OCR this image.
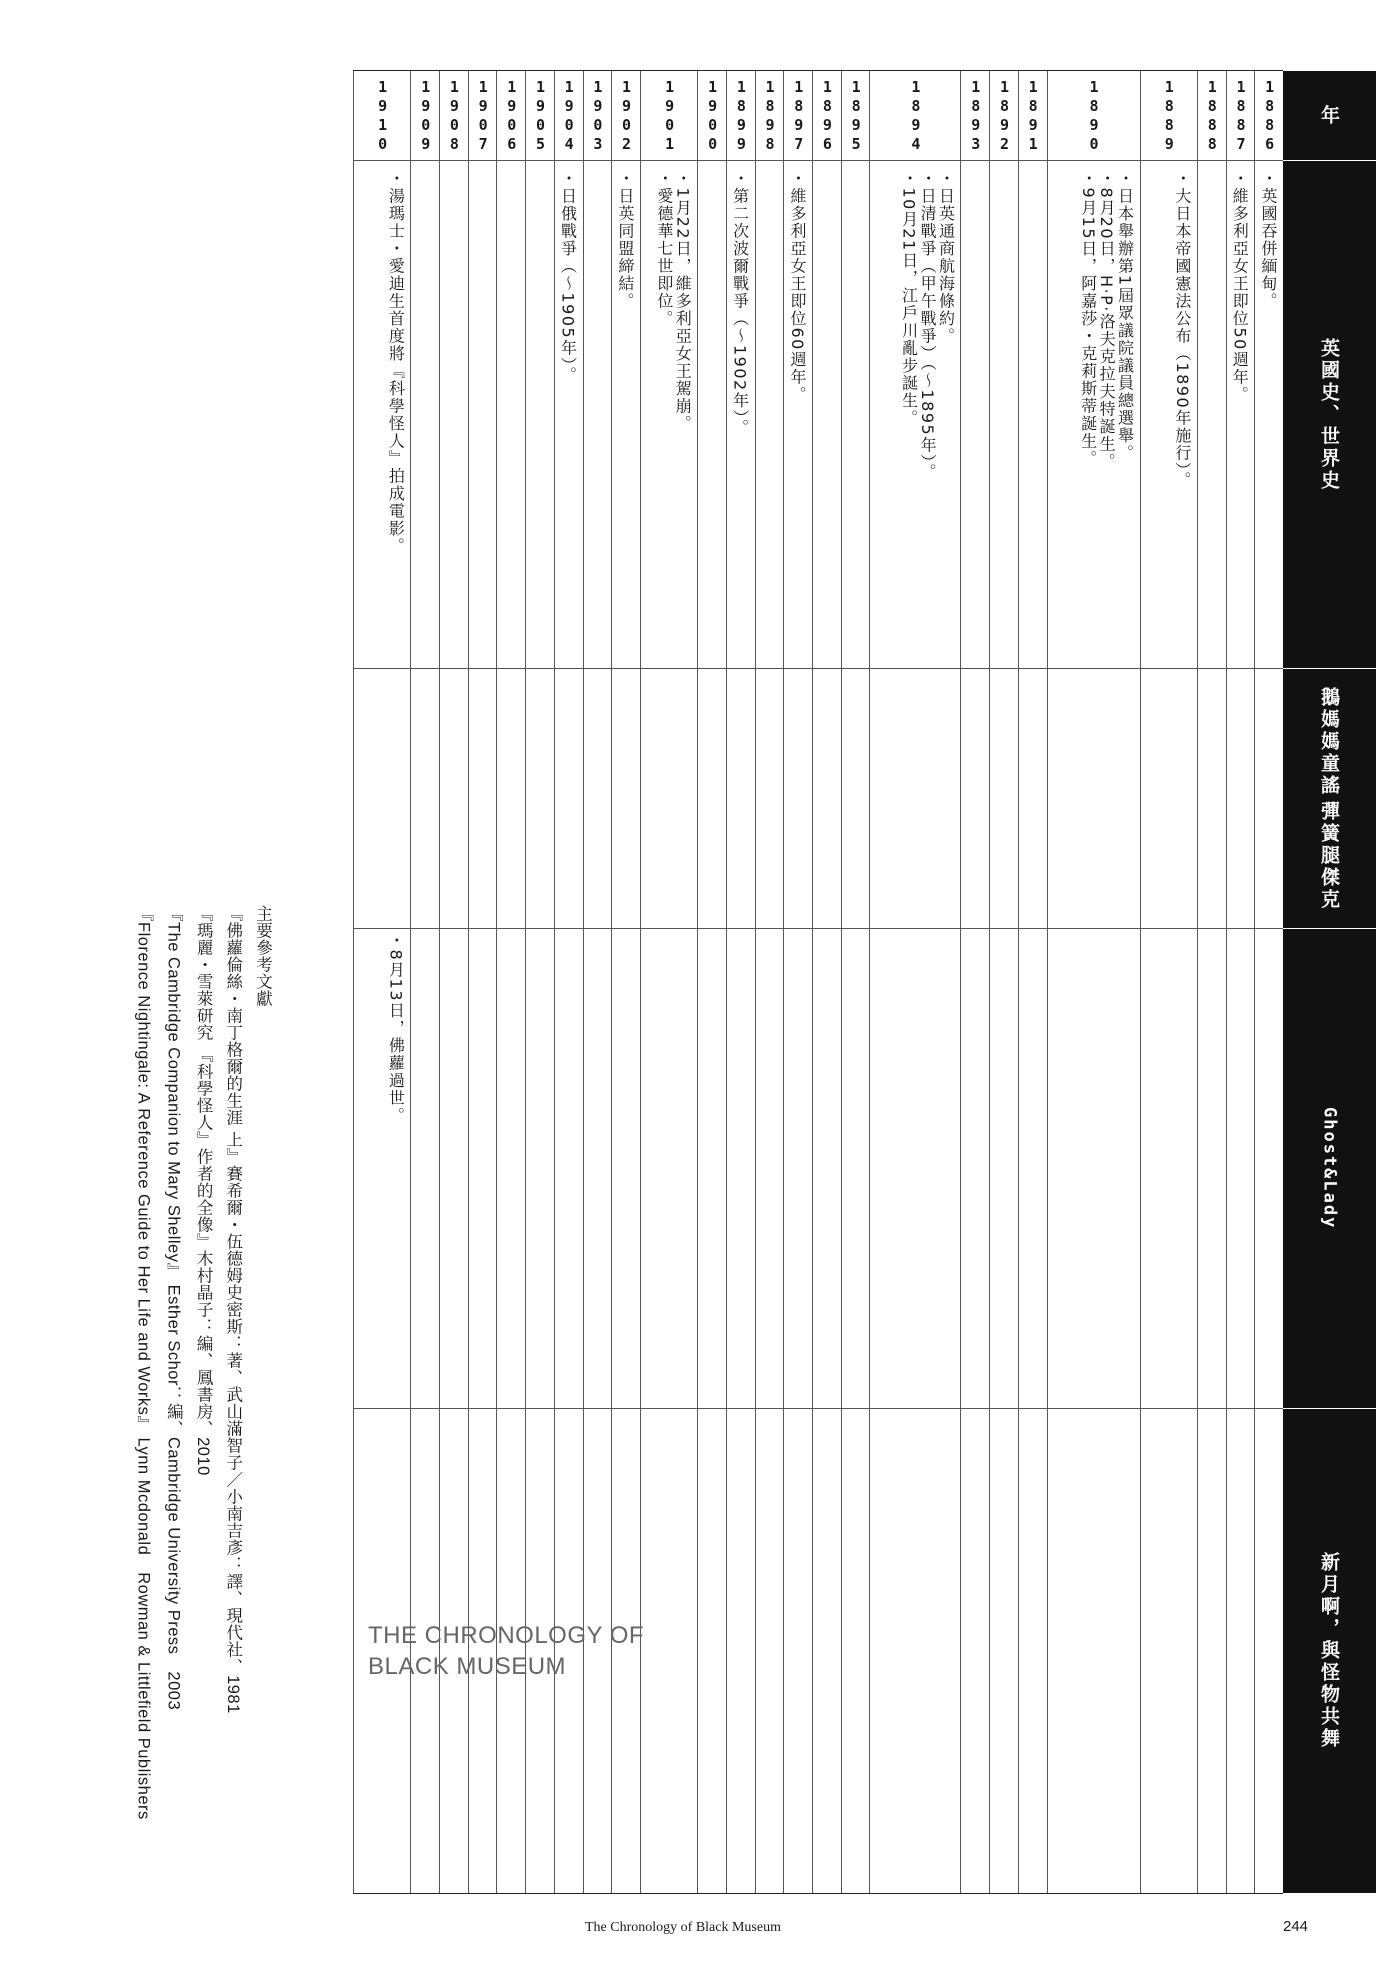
年
英國史、世界史
彈簧腿傑克
鵝媽媽童謠
Ghost&Lady
新月啊，與怪物共舞
1886
・英國吞併緬甸。
1887
・維多利亞女王即位50週年。
1888
1889
・大日本帝國憲法公布（1890年施行）。
1890
・日本舉辦第1屆眾議院議員總選舉。
・8月20日，H·P·洛夫克拉夫特誕生。
・9月15日，阿嘉莎・克莉斯蒂誕生。
1891
1892
1893
1894
・日英通商航海條約。
・日清戰爭（甲午戰爭）（〜1895年）。
・10月21日，江戶川亂步誕生。
1895
1896
1897
・維多利亞女王即位60週年。
1898
1899
・第二次波爾戰爭（〜1902年）。
1900
1901
・1月22日，維多利亞女王駕崩。
・愛德華七世即位。
1902
・日英同盟締結。
1903
1904
・日俄戰爭（〜1905年）。
1905
1906
1907
1908
1909
1910
・湯瑪士・愛迪生首度將『科學怪人』拍成電影。
・8月13日，佛蘿過世。
THE CHRONOLOGY OF
BLACK MUSEUM
主要參考文獻
『佛蘿倫絲・南丁格爾的生涯 上』賽希爾・伍德姆史密斯：著、武山滿智子／小南吉彥：譯、現代社、1981
『瑪麗・雪萊研究 『科學怪人』作者的全像』木村晶子：編、鳳書房、2010
『The Cambridge Companion to Mary Shelley』 Esther Schor：編、Cambridge University Press　2003
『Florence Nightingale: A Reference Guide to Her Life and Works』 Lynn Mcdonald　Rowman & Littlefield Publishers
The Chronology of Black Museum	244
